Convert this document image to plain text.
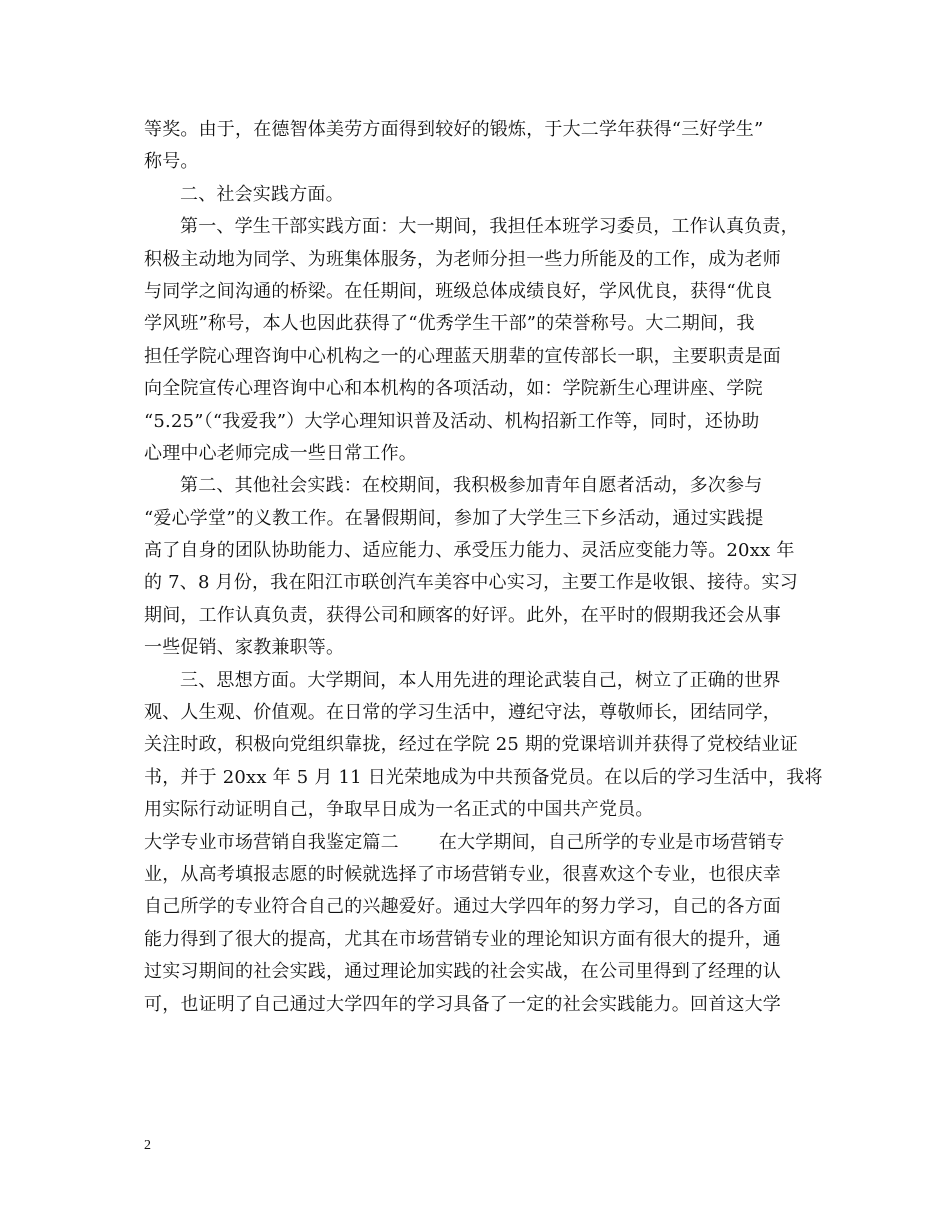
等奖。由于，在德智体美劳方面得到较好的锻炼，于大二学年获得“三好学生”
称号。
二、社会实践方面。
第一、学生干部实践方面：大一期间，我担任本班学习委员，工作认真负责，
积极主动地为同学、为班集体服务，为老师分担一些力所能及的工作，成为老师
与同学之间沟通的桥梁。在任期间，班级总体成绩良好，学风优良，获得“优良
学风班”称号，本人也因此获得了“优秀学生干部”的荣誉称号。大二期间，我
担任学院心理咨询中心机构之一的心理蓝天朋辈的宣传部长一职，主要职责是面
向全院宣传心理咨询中心和本机构的各项活动，如：学院新生心理讲座、学院
“5.25”（“我爱我”）大学心理知识普及活动、机构招新工作等，同时，还协助
心理中心老师完成一些日常工作。
第二、其他社会实践：在校期间，我积极参加青年自愿者活动，多次参与
“爱心学堂”的义教工作。在暑假期间，参加了大学生三下乡活动，通过实践提
高了自身的团队协助能力、适应能力、承受压力能力、灵活应变能力等。20xx 年
的 7、8 月份，我在阳江市联创汽车美容中心实习，主要工作是收银、接待。实习
期间，工作认真负责，获得公司和顾客的好评。此外，在平时的假期我还会从事
一些促销、家教兼职等。
三、思想方面。大学期间，本人用先进的理论武装自己，树立了正确的世界
观、人生观、价值观。在日常的学习生活中，遵纪守法，尊敬师长，团结同学，
关注时政，积极向党组织靠拢，经过在学院 25 期的党课培训并获得了党校结业证
书，并于 20xx 年 5 月 11 日光荣地成为中共预备党员。在以后的学习生活中，我将
用实际行动证明自己，争取早日成为一名正式的中国共产党员。
大学专业市场营销自我鉴定篇二 在大学期间，自己所学的专业是市场营销专
业，从高考填报志愿的时候就选择了市场营销专业，很喜欢这个专业，也很庆幸
自己所学的专业符合自己的兴趣爱好。通过大学四年的努力学习，自己的各方面
能力得到了很大的提高，尤其在市场营销专业的理论知识方面有很大的提升，通
过实习期间的社会实践，通过理论加实践的社会实战，在公司里得到了经理的认
可，也证明了自己通过大学四年的学习具备了一定的社会实践能力。回首这大学
2
